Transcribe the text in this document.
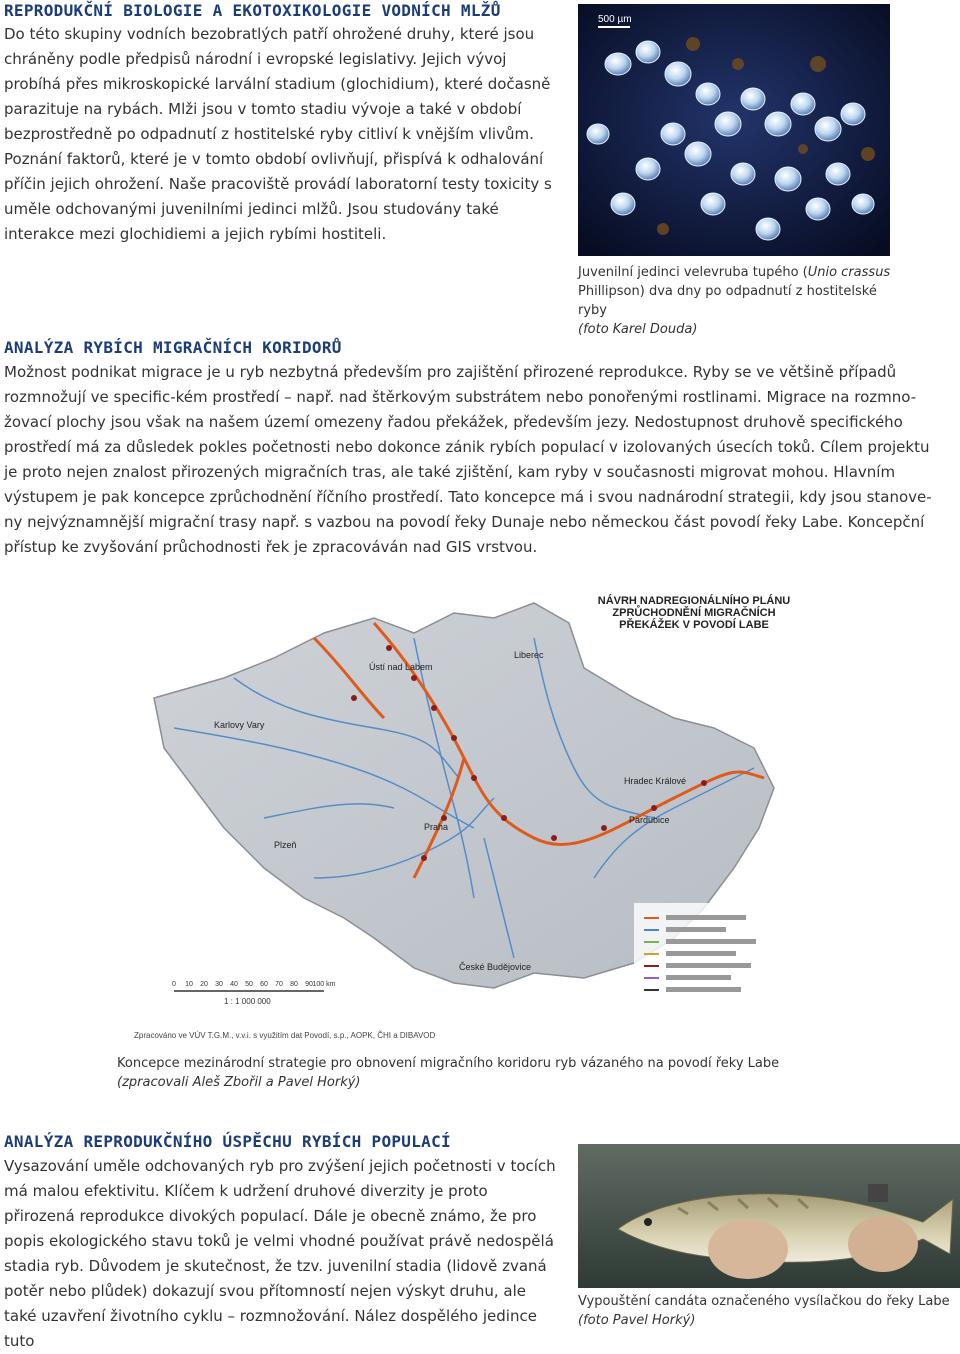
REPRODUKČNÍ BIOLOGIE A EKOTOXIKOLOGIE VODNÍCH MLŽŮ

Do této skupiny vodních bezobratlých patří ohrožené druhy, které jsou chráněny podle předpisů národní i evropské legislativy. Jejich vývoj probíhá přes mikroskopické larvální stadium (glochidium), které dočasně parazituje na rybách. Mlži jsou v tomto stadiu vývoje a také v období bezprostředně po odpadnutí z hostitelské ryby citliví k vnějším vlivům. Poznání faktorů, které je v tomto období ovlivňují, přispívá k odhalování příčin jejich ohrožení. Naše pracoviště provádí laboratorní testy toxicity s uměle odchovanými juvenilními jedinci mlžů. Jsou studovány také interakce mezi glochidiemi a jejich rybími hostiteli.

500 µm

Juvenilní jedinci velevruba tupého (Unio crassus Phillipson) dva dny po odpadnutí z hostitelské ryby
(foto Karel Douda)

ANALÝZA RYBÍCH MIGRAČNÍCH KORIDORŮ

Možnost podnikat migrace je u ryb nezbytná především pro zajištění přirozené reprodukce. Ryby se ve většině případů rozmnožují ve specific-kém prostředí – např. nad štěrkovým substrátem nebo ponořenými rostlinami. Migrace na rozmno-žovací plochy jsou však na našem území omezeny řadou překážek, především jezy. Nedostupnost druhově specifického prostředí má za důsledek pokles početnosti nebo dokonce zánik rybích populací v izolovaných úsecích toků. Cílem projektu je proto nejen znalost přirozených migračních tras, ale také zjištění, kam ryby v současnosti migrovat mohou. Hlavním výstupem je pak koncepce zprůchodnění říčního prostředí. Tato koncepce má i svou nadnárodní strategii, kdy jsou stanove-ny nejvýznamnější migrační trasy např. s vazbou na povodí řeky Dunaje nebo německou část povodí řeky Labe. Koncepční přístup ke zvyšování průchodnosti řek je zpracováván nad GIS vrstvou.

NÁVRH NADREGIONÁLNÍHO PLÁNU
ZPRŮCHODNĚNÍ MIGRAČNÍCH
PŘEKÁŽEK V POVODÍ LABE
Praha
Ústí nad Labem
Hradec Králové
České Budějovice
Plzeň
Pardubice
Karlovy Vary
Liberec
0 10 20 30 40 50 60 70 80 90 100 km
1 : 1 000 000
Zpracováno ve VÚV T.G.M., v.v.i. s využitím dat Povodí, s.p., AOPK, ČHI a DIBAVOD

Koncepce mezinárodní strategie pro obnovení migračního koridoru ryb vázaného na povodí řeky Labe
(zpracovali Aleš Zbořil a Pavel Horký)

ANALÝZA REPRODUKČNÍHO ÚSPĚCHU RYBÍCH POPULACÍ

Vysazování uměle odchovaných ryb pro zvýšení jejich početnosti v tocích má malou efektivitu. Klíčem k udržení druhové diverzity je proto přirozená reprodukce divokých populací. Dále je obecně známo, že pro popis ekologického stavu toků je velmi vhodné používat právě nedospělá stadia ryb. Důvodem je skutečnost, že tzv. juvenilní stadia (lidově zvaná potěr nebo plůdek) dokazují svou přítomností nejen výskyt druhu, ale také uzavření životního cyklu – rozmnožování. Nález dospělého jedince tuto

Vypouštění candáta označeného vysílačkou do řeky Labe
(foto Pavel Horký)
